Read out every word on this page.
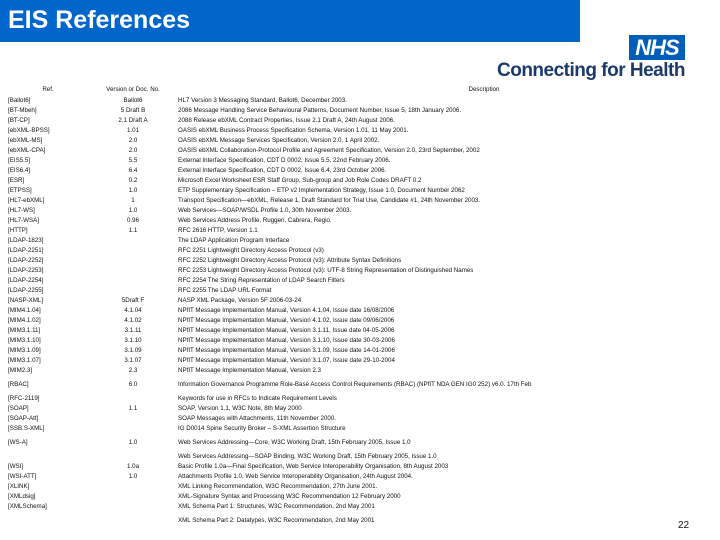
EIS References
NHS
Connecting for Health
Ref.	Version or Doc. No.	Description
[Ballot6]	Ballot6	HL7 Version 3 Messaging Standard, Ballot6, December 2003.
[BT-Mbeh]	5 Draft B	2086 Message Handling Service Behavioural Patterns, Document Number, Issue 5, 18th January 2006.
[BT-CP]	2.1 Draft A	2088 Release ebXML Contract Properties, Issue 2.1 Draft A, 24th August 2006.
[ebXML-BPSS]	1.01	OASIS ebXML Business Process Specification Schema, Version 1.01, 11 May 2001.
[ebXML-MS]	2.0	OASIS ebXML Message Services Specification, Version 2.0, 1 April 2002.
[ebXML-CPA]	2.0	OASIS ebXML Collaboration-Protocol Profile and Agreement Specification, Version 2.0, 23rd September, 2002
[EIS5.5]	5.5	External Interface Specification, CDT D 0002, Issue 5.5, 22nd February 2006.
[EIS6.4]	6.4	External Interface Specification, CDT D 0002, Issue 6.4, 23rd October 2006.
[ESR]	0.2	Microsoft Excel Worksheet ESR Staff Group, Sub-group and Job Role Codes DRAFT 0.2
[ETPSS]	1.0	ETP Supplementary Specification – ETP v2 Implementation Strategy, Issue 1.0, Document Number 2062
[HL7-ebXML]	1	Transport Specification—ebXML, Release 1, Draft Standard for Trial Use, Candidate #1, 24th November 2003.
[HL7-WS]	1.0	Web Services—SOAP/WSDL Profile 1.0, 30th November 2003.
[HL7-WSA]	0.96	Web Services Address Profile, Ruggeri, Cabrera, Regio.
[HTTP]	1.1	RFC 2616 HTTP, Version 1.1
[LDAP-1823]		The LDAP Application Program Interface
[LDAP-2251]		RFC 2251 Lightweight Directory Access Protocol (v3)
[LDAP-2252]		RFC 2252 Lightweight Directory Access Protocol (v3): Attribute Syntax Definitions
[LDAP-2253]		RFC 2253 Lightweight Directory Access Protocol (v3): UTF-8 String Representation of Distinguished Names
[LDAP-2254]		RFC 2254 The String Representation of LDAP Search Filters
[LDAP-2255]		RFC 2255 The LDAP URL Format
[NASP-XML]	5Draft F	NASP XML Package, Version 5F 2006-03-24
[MIM4.1.04]	4.1.04	NPfIT Message Implementation Manual, Version 4.1.04, Issue date 16/08/2006
[MIM4.1.02]	4.1.02	NPfIT Message Implementation Manual, Version 4.1.02, Issue date 09/06/2006
[MIM3.1.11]	3.1.11	NPfIT Message Implementation Manual, Version 3.1.11, Issue date 04-05-2006
[MIM3.1.10]	3.1.10	NPfIT Message Implementation Manual, Version 3.1.10, Issue date 30-03-2006
[MIM3.1.09]	3.1.09	NPfIT Message Implementation Manual, Version 3.1.09, Issue date 14-01-2006
[MIM3.1.07]	3.1.07	NPfIT Message Implementation Manual, Version 3.1.07, Issue date 29-10-2004
[MIM2.3]	2.3	NPfIT Message Implementation Manual, Version 2.3
[RBAC]	6.0	Information Governance Programme Role-Base Access Control Requirements (RBAC) (NPfIT NDA GEN IG0 252) v6.0. 17th Feb
[RFC-2119]		Keywords for use in RFCs to Indicate Requirement Levels
[SOAP]	1.1	SOAP, Version 1.1, W3C Note, 8th May 2000
[SOAP-Att]		SOAP Messages with Attachments, 11th November 2000.
[SSB.S-XML]		IG D0014 Spine Security Broker – S-XML Assertion Structure
[WS-A]	1.0	Web Services Addressing—Core, W3C Working Draft, 15th February 2005, Issue 1.0
		Web Services Addressing—SOAP Binding, W3C Working Draft, 15th February 2005, Issue 1.0
[WSI]	1.0a	Basic Profile 1.0a—Final Specification, Web Service Interoperability Organisation, 8th August 2003
[WSI-ATT]	1.0	Attachments Profile 1.0, Web Service Interoperability Organisation, 24th August 2004.
[XLINK]		XML Linking Recommendation, W3C Recommendation, 27th June 2001.
[XMLdsig]		XML-Signature Syntax and Processing W3C Recommendation 12 February 2000
[XMLSchema]		XML Schema Part 1: Structures, W3C Recommendation, 2nd May 2001
		XML Schema Part 2: Datatypes, W3C Recommendation, 2nd May 2001	22
